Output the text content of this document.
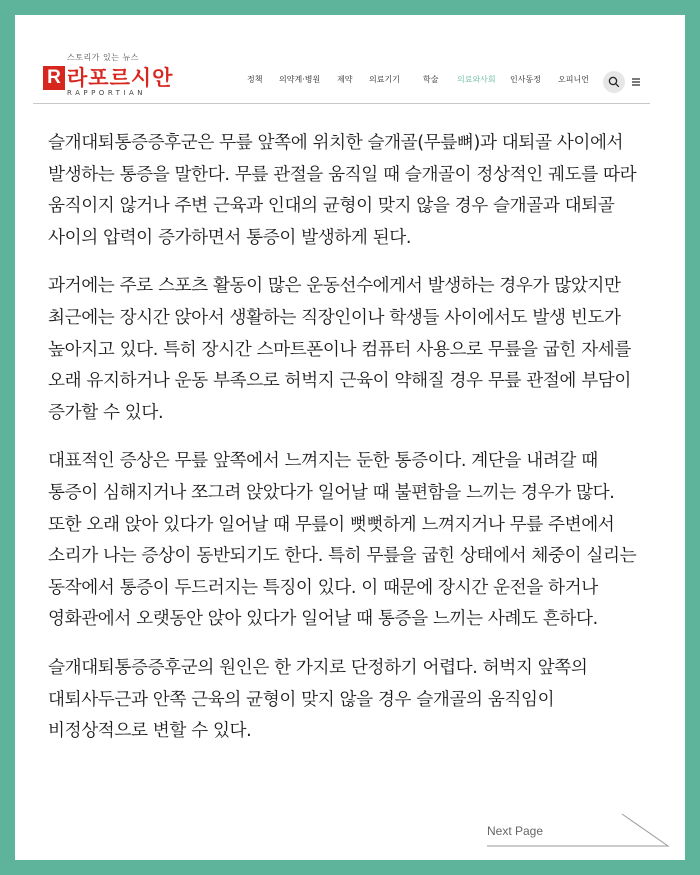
스토리가 있는 뉴스
R 라포르시안
RAPPORTIAN
정책	의약계·병원	제약	의료기기	학술	의료와사회	인사동정	오피니언

슬개대퇴통증증후군은 무릎 앞쪽에 위치한 슬개골(무릎뼈)과 대퇴골 사이에서 발생하는 통증을 말한다. 무릎 관절을 움직일 때 슬개골이 정상적인 궤도를 따라 움직이지 않거나 주변 근육과 인대의 균형이 맞지 않을 경우 슬개골과 대퇴골 사이의 압력이 증가하면서 통증이 발생하게 된다.

과거에는 주로 스포츠 활동이 많은 운동선수에게서 발생하는 경우가 많았지만 최근에는 장시간 앉아서 생활하는 직장인이나 학생들 사이에서도 발생 빈도가 높아지고 있다. 특히 장시간 스마트폰이나 컴퓨터 사용으로 무릎을 굽힌 자세를 오래 유지하거나 운동 부족으로 허벅지 근육이 약해질 경우 무릎 관절에 부담이 증가할 수 있다.

대표적인 증상은 무릎 앞쪽에서 느껴지는 둔한 통증이다. 계단을 내려갈 때 통증이 심해지거나 쪼그려 앉았다가 일어날 때 불편함을 느끼는 경우가 많다. 또한 오래 앉아 있다가 일어날 때 무릎이 뻣뻣하게 느껴지거나 무릎 주변에서 소리가 나는 증상이 동반되기도 한다. 특히 무릎을 굽힌 상태에서 체중이 실리는 동작에서 통증이 두드러지는 특징이 있다. 이 때문에 장시간 운전을 하거나 영화관에서 오랫동안 앉아 있다가 일어날 때 통증을 느끼는 사례도 흔하다.

슬개대퇴통증증후군의 원인은 한 가지로 단정하기 어렵다. 허벅지 앞쪽의 대퇴사두근과 안쪽 근육의 균형이 맞지 않을 경우 슬개골의 움직임이 비정상적으로 변할 수 있다.

Next Page
